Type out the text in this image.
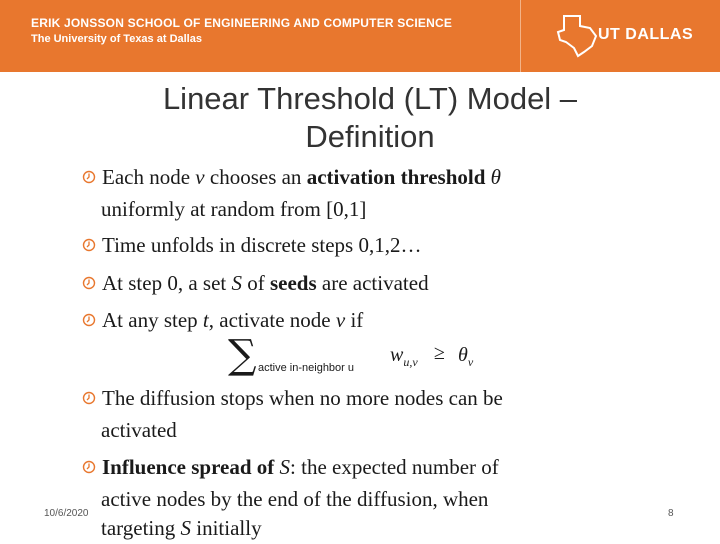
ERIK JONSSON SCHOOL OF ENGINEERING AND COMPUTER SCIENCE
The University of Texas at Dallas	UT DALLAS
Linear Threshold (LT) Model –
Definition
Each node v chooses an activation threshold θ
uniformly at random from [0,1]
Time unfolds in discrete steps 0,1,2…
At step 0, a set S of seeds are activated
At any step t, activate node v if
∑ active in-neighbor u
$w_{u,v} \ge \theta_v$
The diffusion stops when no more nodes can be
activated
Influence spread of S: the expected number of
active nodes by the end of the diffusion, when
targeting S initially
10/6/2020	8
